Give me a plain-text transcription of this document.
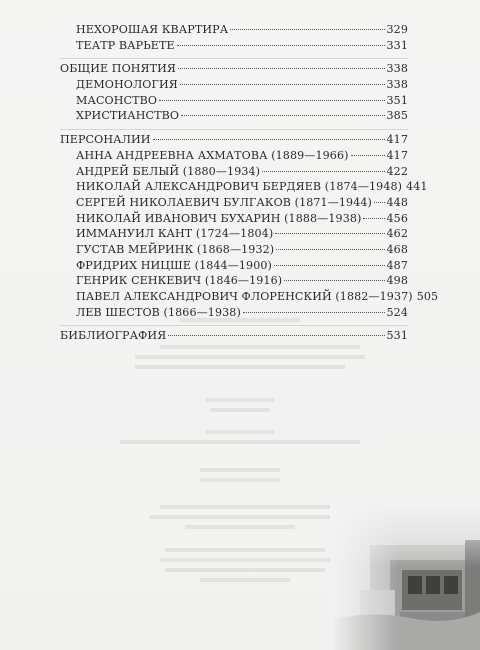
НЕХОРОШАЯ КВАРТИРА	329
ТЕАТР ВАРЬЕТЕ	331
ОБЩИЕ ПОНЯТИЯ	338
ДЕМОНОЛОГИЯ	338
МАСОНСТВО	351
ХРИСТИАНСТВО	385
ПЕРСОНАЛИИ	417
АННА АНДРЕЕВНА АХМАТОВА (1889—1966)	417
АНДРЕЙ БЕЛЫЙ (1880—1934)	422
НИКОЛАЙ АЛЕКСАНДРОВИЧ БЕРДЯЕВ (1874—1948) 441
СЕРГЕЙ НИКОЛАЕВИЧ БУЛГАКОВ (1871—1944) 448
НИКОЛАЙ ИВАНОВИЧ БУХАРИН (1888—1938) 456
ИММАНУИЛ КАНТ (1724—1804)	462
ГУСТАВ МЕЙРИНК (1868—1932)	468
ФРИДРИХ НИЦШЕ (1844—1900)	487
ГЕНРИК СЕНКЕВИЧ (1846—1916)	498
ПАВЕЛ АЛЕКСАНДРОВИЧ ФЛОРЕНСКИЙ (1882—1937) 505
ЛЕВ ШЕСТОВ (1866—1938)	524
БИБЛИОГРАФИЯ	531
